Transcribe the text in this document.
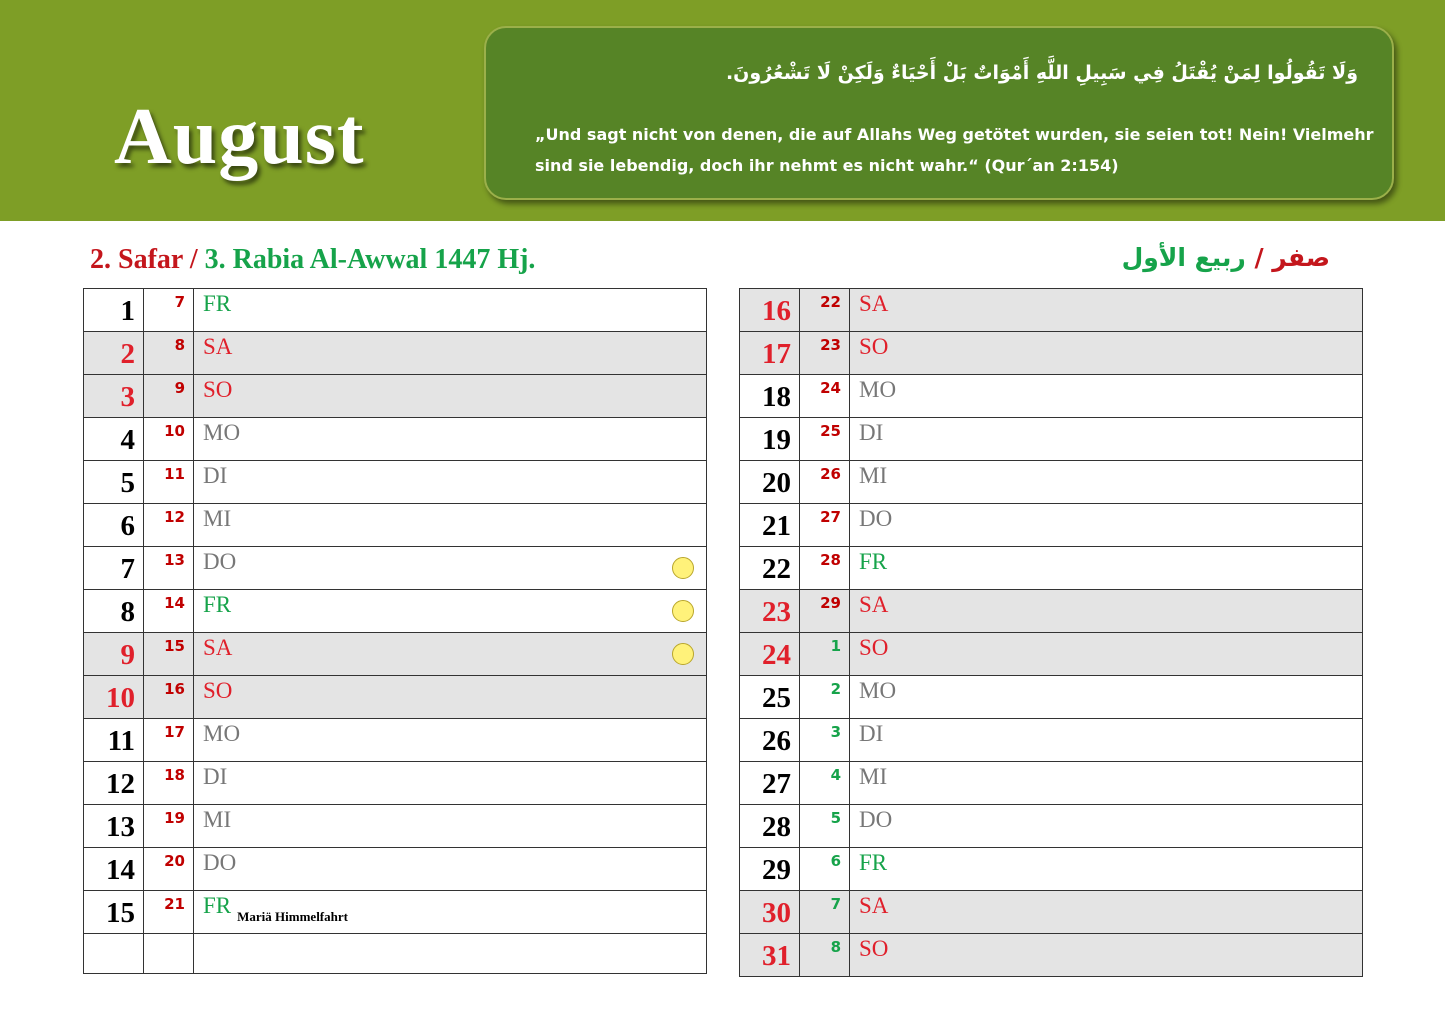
August
وَلَا تَقُولُوا لِمَنْ يُقْتَلُ فِي سَبِيلِ اللَّهِ أَمْوَاتٌ بَلْ أَحْيَاءٌ وَلَكِنْ لَا تَشْعُرُونَ.
„Und sagt nicht von denen, die auf Allahs Weg getötet wurden, sie seien tot! Nein! Vielmehr sind sie lebendig, doch ihr nehmt es nicht wahr.“ (Qur´an 2:154)
2. Safar / 3. Rabia Al-Awwal 1447 Hj.	صفر / ربيع الأول
1	7	FR

2	8	SA

3	9	SO

4	10	MO

5	11	DI

6	12	MI

7	13	DO

8	14	FR

9	15	SA

10	16	SO

11	17	MO

12	18	DI

13	19	MI

14	20	DO

15	21	FR $_{Mariä Himmelfahrt}$

16	22	SA

17	23	SO

18	24	MO

19	25	DI

20	26	MI

21	27	DO

22	28	FR

23	29	SA

24	1	SO

25	2	MO

26	3	DI

27	4	MI

28	5	DO

29	6	FR

30	7	SA

31	8	SO
